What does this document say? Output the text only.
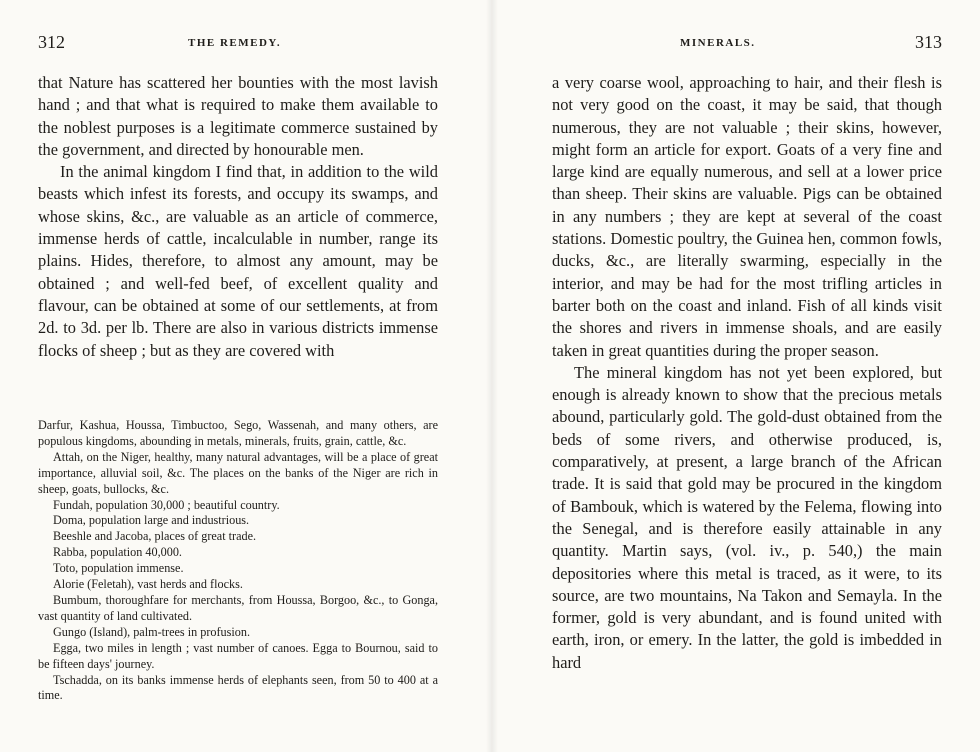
312	THE REMEDY.

that Nature has scattered her bounties with the most lavish hand ; and that what is required to make them available to the noblest purposes is a legitimate commerce sustained by the government, and directed by honourable men.

In the animal kingdom I find that, in addition to the wild beasts which infest its forests, and occupy its swamps, and whose skins, &c., are valuable as an article of commerce, immense herds of cattle, incalculable in number, range its plains. Hides, therefore, to almost any amount, may be obtained ; and well-fed beef, of excellent quality and flavour, can be obtained at some of our settlements, at from 2d. to 3d. per lb. There are also in various districts immense flocks of sheep ; but as they are covered with

Darfur, Kashua, Houssa, Timbuctoo, Sego, Wassenah, and many others, are populous kingdoms, abounding in metals, minerals, fruits, grain, cattle, &c.

Attah, on the Niger, healthy, many natural advantages, will be a place of great importance, alluvial soil, &c. The places on the banks of the Niger are rich in sheep, goats, bullocks, &c.

Fundah, population 30,000 ; beautiful country.

Doma, population large and industrious.

Beeshle and Jacoba, places of great trade.

Rabba, population 40,000.

Toto, population immense.

Alorie (Feletah), vast herds and flocks.

Bumbum, thoroughfare for merchants, from Houssa, Borgoo, &c., to Gonga, vast quantity of land cultivated.

Gungo (Island), palm-trees in profusion.

Egga, two miles in length ; vast number of canoes. Egga to Bournou, said to be fifteen days' journey.

Tschadda, on its banks immense herds of elephants seen, from 50 to 400 at a time.

MINERALS.	313

a very coarse wool, approaching to hair, and their flesh is not very good on the coast, it may be said, that though numerous, they are not valuable ; their skins, however, might form an article for export. Goats of a very fine and large kind are equally numerous, and sell at a lower price than sheep. Their skins are valuable. Pigs can be obtained in any numbers ; they are kept at several of the coast stations. Domestic poultry, the Guinea hen, common fowls, ducks, &c., are literally swarming, especially in the interior, and may be had for the most trifling articles in barter both on the coast and inland. Fish of all kinds visit the shores and rivers in immense shoals, and are easily taken in great quantities during the proper season.

The mineral kingdom has not yet been explored, but enough is already known to show that the precious metals abound, particularly gold. The gold-dust obtained from the beds of some rivers, and otherwise produced, is, comparatively, at present, a large branch of the African trade. It is said that gold may be procured in the kingdom of Bambouk, which is watered by the Felema, flowing into the Senegal, and is therefore easily attainable in any quantity. Martin says, (vol. iv., p. 540,) the main depositories where this metal is traced, as it were, to its source, are two mountains, Na Takon and Semayla. In the former, gold is very abundant, and is found united with earth, iron, or emery. In the latter, the gold is imbedded in hard
